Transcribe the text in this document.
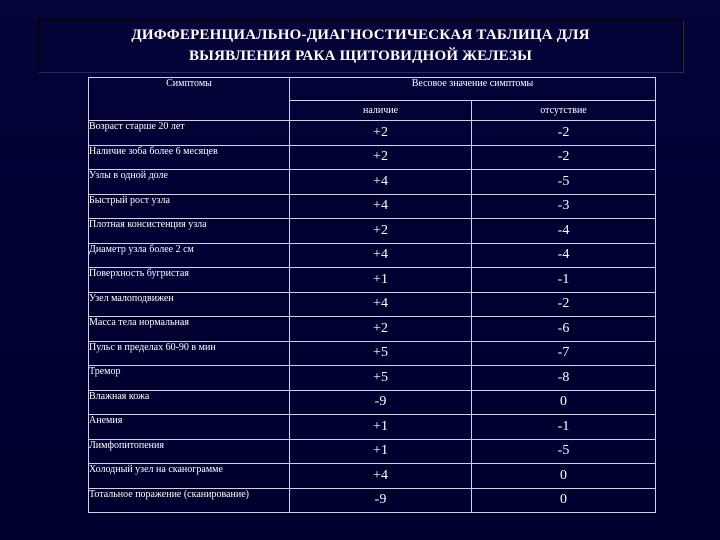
ДИФФЕРЕНЦИАЛЬНО-ДИАГНОСТИЧЕСКАЯ ТАБЛИЦА ДЛЯ
ВЫЯВЛЕНИЯ РАКА ЩИТОВИДНОЙ ЖЕЛЕЗЫ
Симптомы	Весовое значение симптомы	
	наличие	отсутствие
Возраст старше 20 лет	+2	-2
Наличие зоба более 6 месяцев	+2	-2
Узлы в одной доле	+4	-5
Быстрый рост узла	+4	-3
Плотная консистенция узла	+2	-4
Диаметр узла более 2 см	+4	-4
Поверхность бугристая	+1	-1
Узел малоподвижен	+4	-2
Масса тела нормальная	+2	-6
Пульс в пределах 60-90 в мин	+5	-7
Тремор	+5	-8
Влажная кожа	-9	0
Анемия	+1	-1
Лимфопитопения	+1	-5
Холодный узел на сканограмме	+4	0
Тотальное поражение (сканирование)	-9	0
